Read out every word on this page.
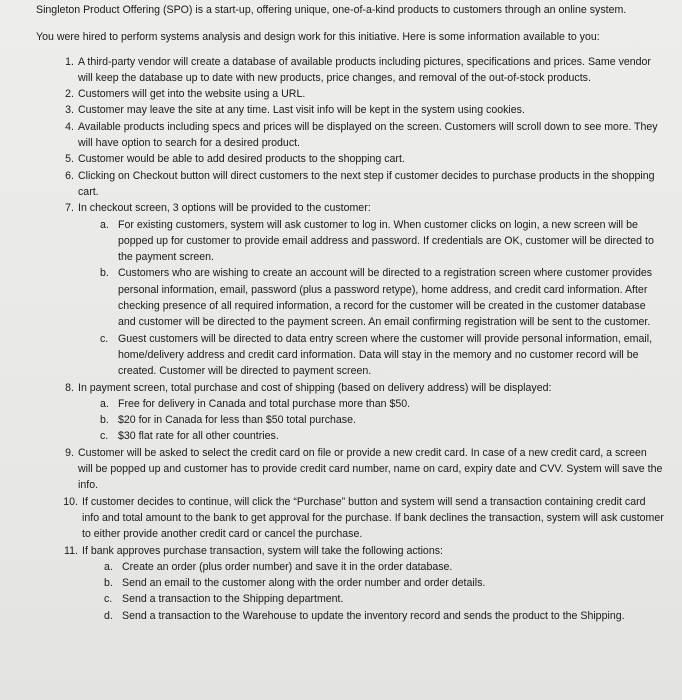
Singleton Product Offering (SPO) is a start-up, offering unique, one-of-a-kind products to customers through an online system.

You were hired to perform systems analysis and design work for this initiative. Here is some information available to you:

1. A third-party vendor will create a database of available products including pictures, specifications and prices. Same vendor will keep the database up to date with new products, price changes, and removal of the out-of-stock products.
2. Customers will get into the website using a URL.
3. Customer may leave the site at any time. Last visit info will be kept in the system using cookies.
4. Available products including specs and prices will be displayed on the screen. Customers will scroll down to see more. They will have option to search for a desired product.
5. Customer would be able to add desired products to the shopping cart.
6. Clicking on Checkout button will direct customers to the next step if customer decides to purchase products in the shopping cart.
7. In checkout screen, 3 options will be provided to the customer:
a. For existing customers, system will ask customer to log in. When customer clicks on login, a new screen will be popped up for customer to provide email address and password. If credentials are OK, customer will be directed to the payment screen.
b. Customers who are wishing to create an account will be directed to a registration screen where customer provides personal information, email, password (plus a password retype), home address, and credit card information. After checking presence of all required information, a record for the customer will be created in the customer database and customer will be directed to the payment screen. An email confirming registration will be sent to the customer.
c. Guest customers will be directed to data entry screen where the customer will provide personal information, email, home/delivery address and credit card information. Data will stay in the memory and no customer record will be created. Customer will be directed to payment screen.
8. In payment screen, total purchase and cost of shipping (based on delivery address) will be displayed:
a. Free for delivery in Canada and total purchase more than $50.
b. $20 for in Canada for less than $50 total purchase.
c. $30 flat rate for all other countries.
9. Customer will be asked to select the credit card on file or provide a new credit card. In case of a new credit card, a screen will be popped up and customer has to provide credit card number, name on card, expiry date and CVV. System will save the info.
10. If customer decides to continue, will click the “Purchase” button and system will send a transaction containing credit card info and total amount to the bank to get approval for the purchase. If bank declines the transaction, system will ask customer to either provide another credit card or cancel the purchase.
11. If bank approves purchase transaction, system will take the following actions:
a. Create an order (plus order number) and save it in the order database.
b. Send an email to the customer along with the order number and order details.
c. Send a transaction to the Shipping department.
d. Send a transaction to the Warehouse to update the inventory record and sends the product to the Shipping.
